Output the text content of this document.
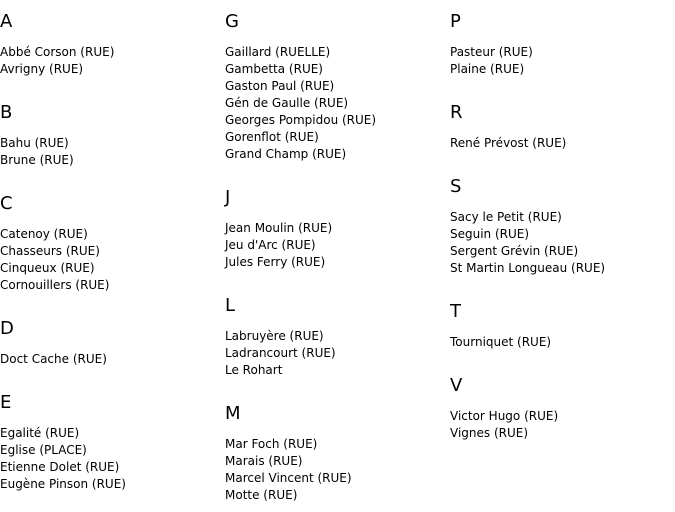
A
Abbé Corson (RUE)
Avrigny (RUE)
B
Bahu (RUE)
Brune (RUE)
C
Catenoy (RUE)
Chasseurs (RUE)
Cinqueux (RUE)
Cornouillers (RUE)
D
Doct Cache (RUE)
E
Egalité (RUE)
Eglise (PLACE)
Etienne Dolet (RUE)
Eugène Pinson (RUE)
G
Gaillard (RUELLE)
Gambetta (RUE)
Gaston Paul (RUE)
Gén de Gaulle (RUE)
Georges Pompidou (RUE)
Gorenflot (RUE)
Grand Champ (RUE)
J
Jean Moulin (RUE)
Jeu d'Arc (RUE)
Jules Ferry (RUE)
L
Labruyère (RUE)
Ladrancourt (RUE)
Le Rohart
M
Mar Foch (RUE)
Marais (RUE)
Marcel Vincent (RUE)
Motte (RUE)
P
Pasteur (RUE)
Plaine (RUE)
R
René Prévost (RUE)
S
Sacy le Petit (RUE)
Seguin (RUE)
Sergent Grévin (RUE)
St Martin Longueau (RUE)
T
Tourniquet (RUE)
V
Victor Hugo (RUE)
Vignes (RUE)
